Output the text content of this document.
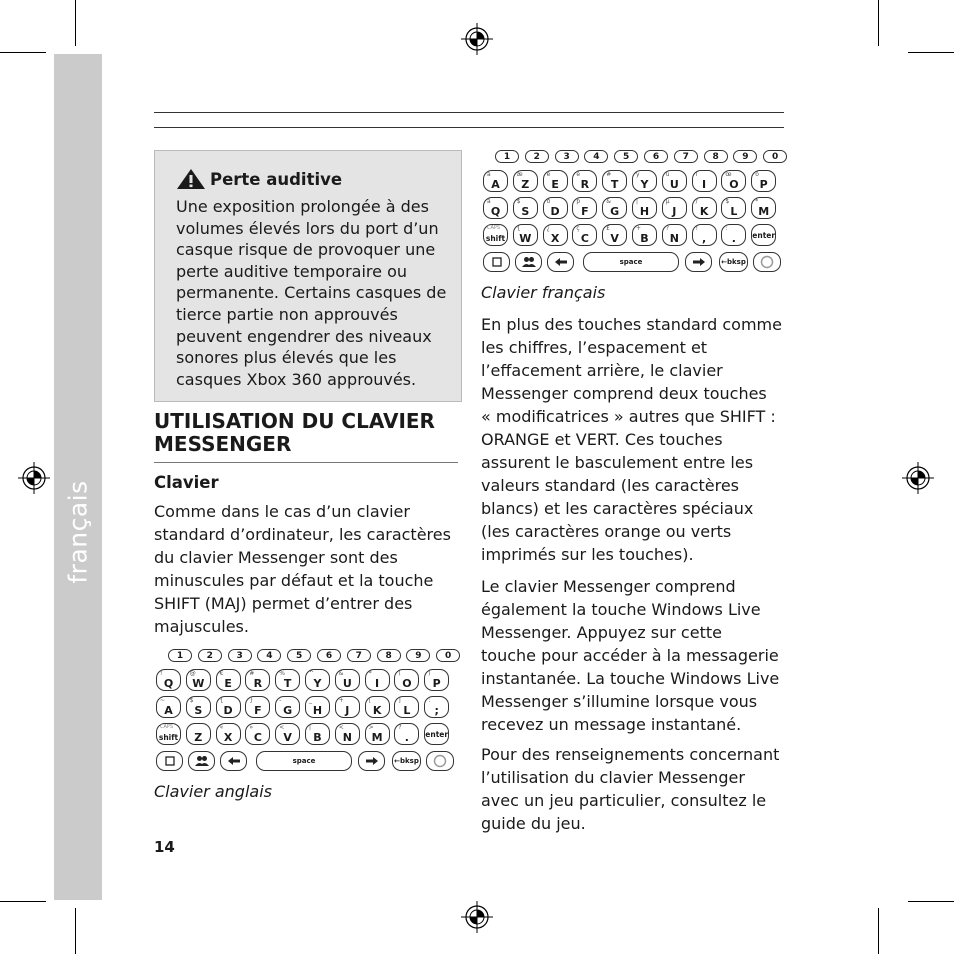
français
Perte auditive
Une exposition prolongée à des
volumes élevés lors du port d’un
casque risque de provoquer une
perte auditive temporaire ou
permanente. Certains casques de
tierce partie non approuvés
peuvent engendrer des niveaux
sonores plus élevés que les
casques Xbox 360 approuvés.
UTILISATION DU CLAVIER
MESSENGER
Clavier
Comme dans le cas d’un clavier
standard d’ordinateur, les caractères
du clavier Messenger sont des
minuscules par défaut et la touche
SHIFT (MAJ) permet d’entrer des
majuscules.
1	2	3	4	5	6	7	8	9	0
!
Q
@
W
€
E
#
R
%
T
^
Y
&
U
*
I
(
O
)
P
~
A
$
S
{
D
}
F
-
G
_
H
+
J
[
K
]
L
:
;
CAPS
shift
`
Z
«
X
»
C
<
V
|
B
<
N
>
M
?
. enter
space	←bksp
Clavier anglais
1	2	3	4	5	6	7	8	9	0
à
A
æ
Z
è
E
é
R
#
T
ÿ
Y
ù
U
î
I
œ
O
ô
P
â
Q
$
S
ð
D
þ
F
&
G
|
H
µ
J
/
K
$
L
*
M
CAPS
shift
{
W
¿
X
ç
C
£
V
+
B
?
N
!
,
:
. enter
space	←bksp
Clavier français
En plus des touches standard comme
les chiffres, l’espacement et
l’effacement arrière, le clavier
Messenger comprend deux touches
« modificatrices » autres que SHIFT :
ORANGE et VERT. Ces touches
assurent le basculement entre les
valeurs standard (les caractères
blancs) et les caractères spéciaux
(les caractères orange ou verts
imprimés sur les touches).
Le clavier Messenger comprend
également la touche Windows Live
Messenger. Appuyez sur cette
touche pour accéder à la messagerie
instantanée. La touche Windows Live
Messenger s’illumine lorsque vous
recevez un message instantané.
Pour des renseignements concernant
l’utilisation du clavier Messenger
avec un jeu particulier, consultez le
guide du jeu.
14
